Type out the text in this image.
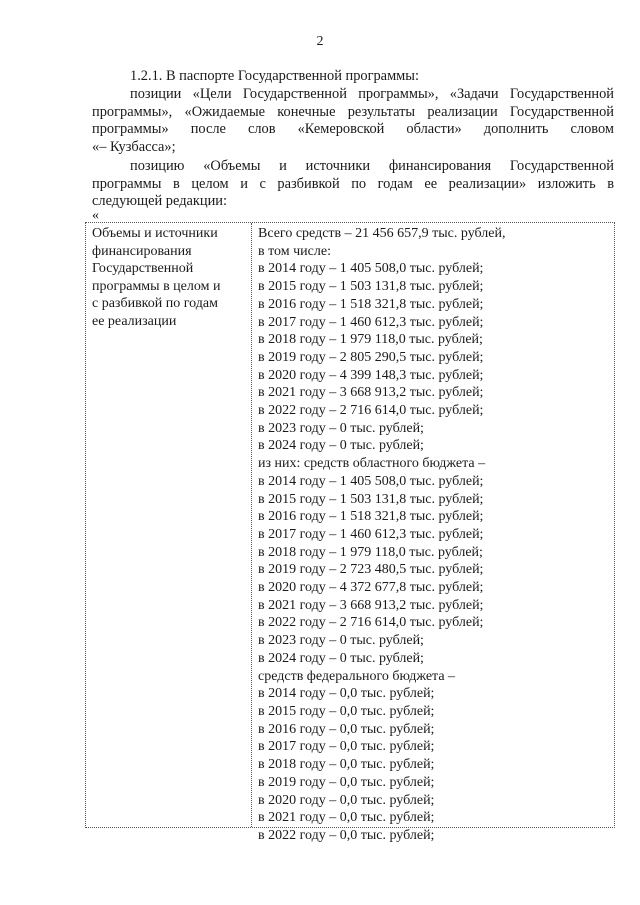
2
1.2.1. В паспорте Государственной программы:
позиции «Цели Государственной программы», «Задачи Государственной
программы», «Ожидаемые конечные результаты реализации Государственной
программы» после слов «Кемеровской области» дополнить словом
«– Кузбасса»;
позицию «Объемы и источники финансирования Государственной
программы в целом и с разбивкой по годам ее реализации» изложить в
следующей редакции:
«
Объемы и источники
финансирования
Государственной
программы в целом и
с разбивкой по годам
ее реализации
Всего средств – 21 456 657,9 тыс. рублей,
в том числе:
в 2014 году – 1 405 508,0 тыс. рублей;
в 2015 году – 1 503 131,8 тыс. рублей;
в 2016 году – 1 518 321,8 тыс. рублей;
в 2017 году – 1 460 612,3 тыс. рублей;
в 2018 году – 1 979 118,0 тыс. рублей;
в 2019 году – 2 805 290,5 тыс. рублей;
в 2020 году – 4 399 148,3 тыс. рублей;
в 2021 году – 3 668 913,2 тыс. рублей;
в 2022 году – 2 716 614,0 тыс. рублей;
в 2023 году – 0 тыс. рублей;
в 2024 году – 0 тыс. рублей;
из них: средств областного бюджета –
в 2014 году – 1 405 508,0 тыс. рублей;
в 2015 году – 1 503 131,8 тыс. рублей;
в 2016 году – 1 518 321,8 тыс. рублей;
в 2017 году – 1 460 612,3 тыс. рублей;
в 2018 году – 1 979 118,0 тыс. рублей;
в 2019 году – 2 723 480,5 тыс. рублей;
в 2020 году – 4 372 677,8 тыс. рублей;
в 2021 году – 3 668 913,2 тыс. рублей;
в 2022 году – 2 716 614,0 тыс. рублей;
в 2023 году – 0 тыс. рублей;
в 2024 году – 0 тыс. рублей;
средств федерального бюджета –
в 2014 году – 0,0 тыс. рублей;
в 2015 году – 0,0 тыс. рублей;
в 2016 году – 0,0 тыс. рублей;
в 2017 году – 0,0 тыс. рублей;
в 2018 году – 0,0 тыс. рублей;
в 2019 году – 0,0 тыс. рублей;
в 2020 году – 0,0 тыс. рублей;
в 2021 году – 0,0 тыс. рублей;
в 2022 году – 0,0 тыс. рублей;
